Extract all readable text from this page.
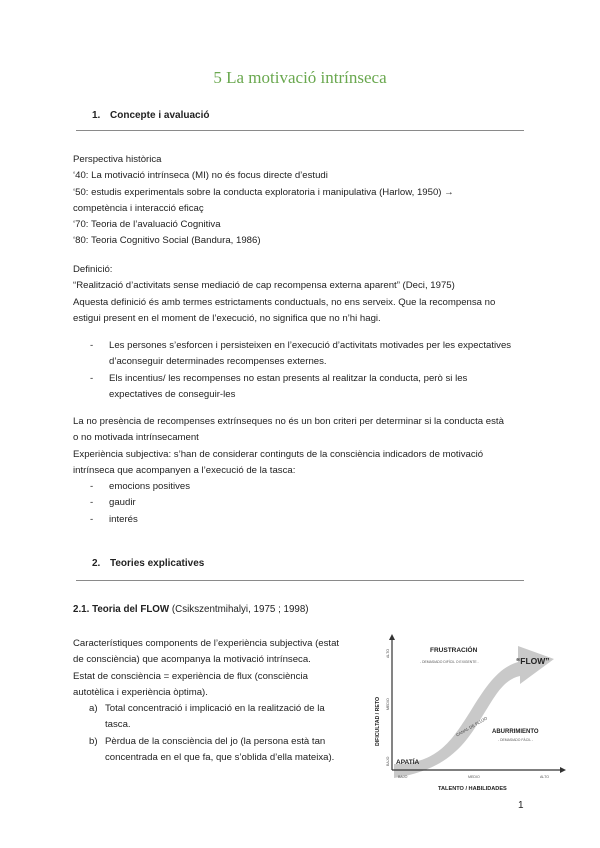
5 La motivació intrínseca
1. Concepte i avaluació
Perspectiva històrica
‘40: La motivació intrínseca (MI) no és focus directe d’estudi
‘50: estudis experimentals sobre la conducta exploratoria i manipulativa (Harlow, 1950) →
competència i interacció eficaç
‘70: Teoria de l’avaluació Cognitiva
‘80: Teoria Cognitivo Social (Bandura, 1986)
Definició:
“Realització d’activitats sense mediació de cap recompensa externa aparent” (Deci, 1975)
Aquesta definició és amb termes estrictaments conductuals, no ens serveix. Que la recompensa no
estigui present en el moment de l’execució, no significa que no n’hi hagi.
-	Les persones s’esforcen i persisteixen en l’execució d’activitats motivades per les expectatives
d’aconseguir determinades recompenses externes.
-	Els incentius/ les recompenses no estan presents al realitzar la conducta, però si les
expectatives de conseguir-les
La no presència de recompenses extrínseques no és un bon criteri per determinar si la conducta està
o no motivada intrínsecament
Experiència subjectiva: s’han de considerar continguts de la consciència indicadors de motivació
intrínseca que acompanyen a l’execució de la tasca:
-	emocions positives
-	gaudir
-	interés
2. Teories explicatives
2.1. Teoria del FLOW (Csikszentmihalyi, 1975 ; 1998)
Característiques components de l’experiència subjectiva (estat
de consciència) que acompanya la motivació intrínseca.
Estat de consciència = experiència de flux (consciència
autotèlica i experiència òptima).
a) Total concentració i implicació en la realització de la
tasca.
b) Pèrdua de la consciència del jo (la persona està tan
concentrada en el que fa, que s’oblida d’ella mateixa).
FRUSTRACIÓN
- DEMASIADO DIFÍCIL O EXIGENTE -	“FLOW”
CANAL DE FLUJO ABURRIMIENTO
- DEMASIADO FÁCIL -
APATÍA
ALTO
MEDIO
BAJO
BAJO	MEDIO	ALTO
DIFICULTAD / RETO
TALENTO / HABILIDADES
1
